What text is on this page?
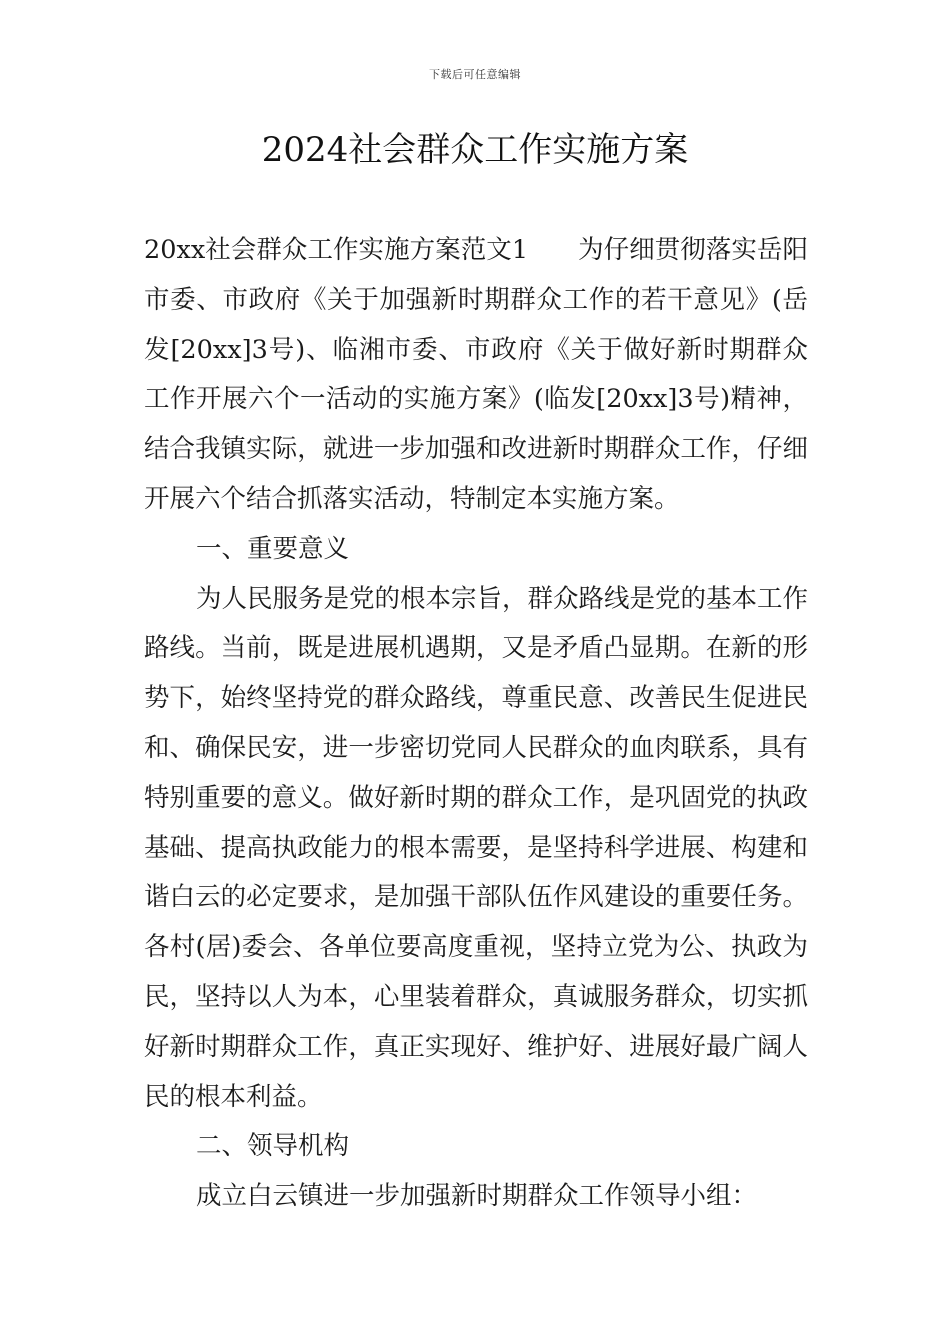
下载后可任意编辑
2024社会群众工作实施方案

20xx社会群众工作实施方案范文1 为仔细贯彻落实岳阳市委、市政府《关于加强新时期群众工作的若干意见》(岳发[20xx]3号)、临湘市委、市政府《关于做好新时期群众工作开展六个一活动的实施方案》(临发[20xx]3号)精神，结合我镇实际，就进一步加强和改进新时期群众工作，仔细开展六个结合抓落实活动，特制定本实施方案。

一、重要意义

为人民服务是党的根本宗旨，群众路线是党的基本工作路线。当前，既是进展机遇期，又是矛盾凸显期。在新的形势下，始终坚持党的群众路线，尊重民意、改善民生促进民和、确保民安，进一步密切党同人民群众的血肉联系，具有特别重要的意义。做好新时期的群众工作，是巩固党的执政基础、提高执政能力的根本需要，是坚持科学进展、构建和谐白云的必定要求，是加强干部队伍作风建设的重要任务。各村(居)委会、各单位要高度重视，坚持立党为公、执政为民，坚持以人为本，心里装着群众，真诚服务群众，切实抓好新时期群众工作，真正实现好、维护好、进展好最广阔人民的根本利益。

二、领导机构

成立白云镇进一步加强新时期群众工作领导小组：
